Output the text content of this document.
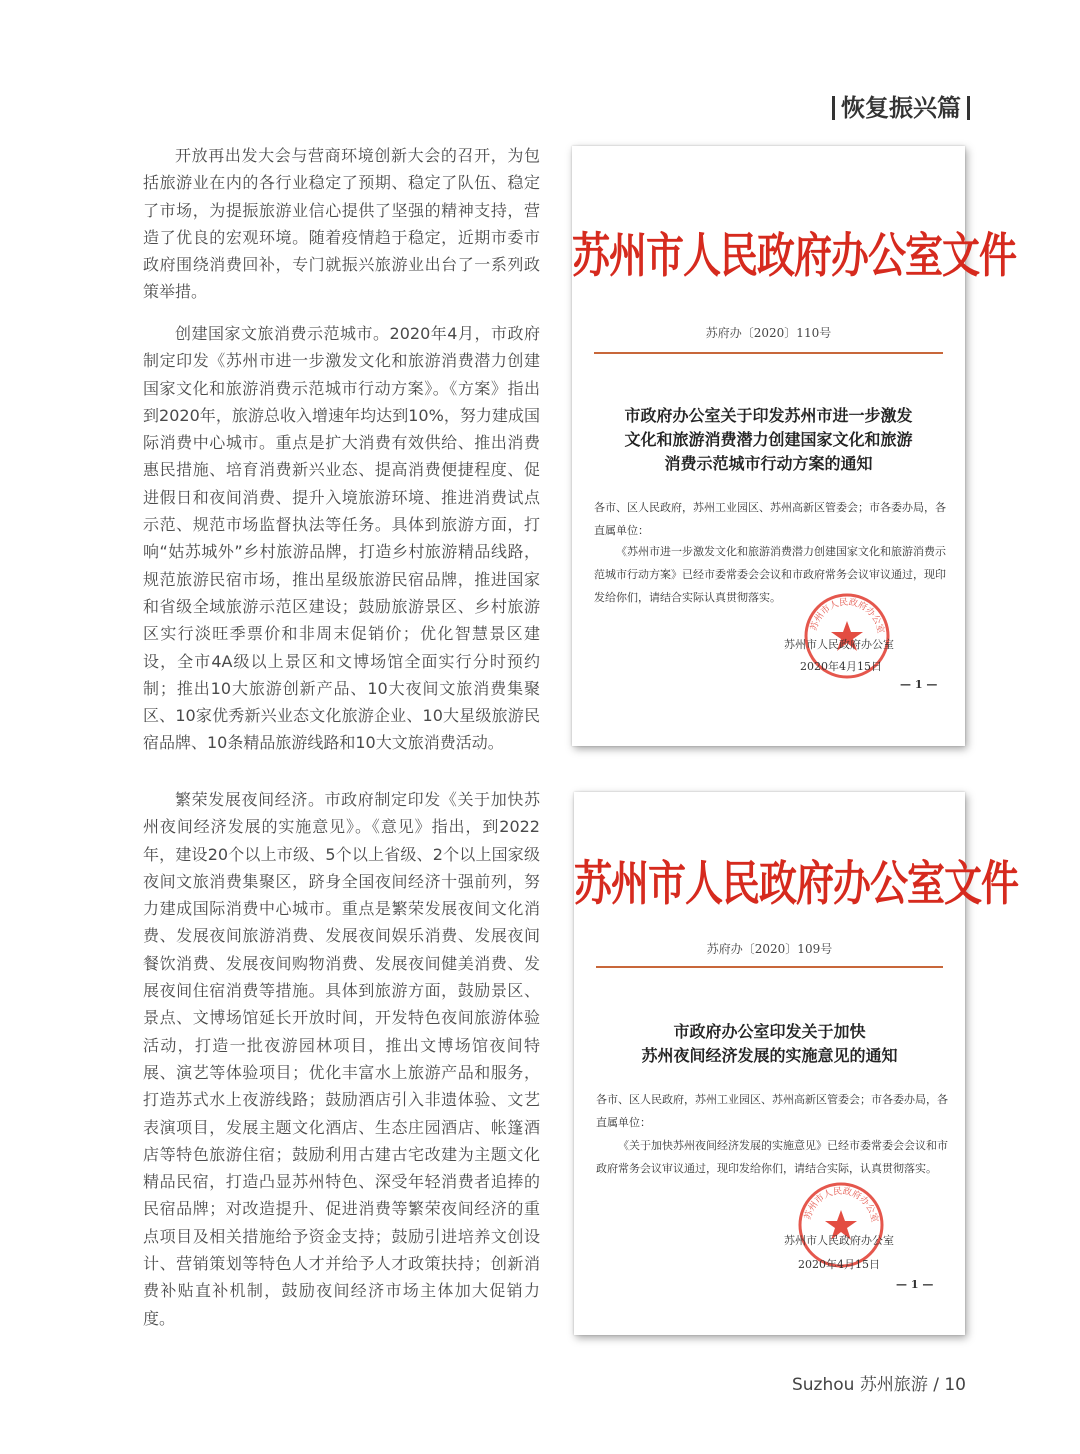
恢复振兴篇

开放再出发大会与营商环境创新大会的召开，为包括旅游业在内的各行业稳定了预期、稳定了队伍、稳定了市场，为提振旅游业信心提供了坚强的精神支持，营造了优良的宏观环境。随着疫情趋于稳定，近期市委市政府围绕消费回补，专门就振兴旅游业出台了一系列政策举措。

创建国家文旅消费示范城市。2020年4月，市政府制定印发《苏州市进一步激发文化和旅游消费潜力创建国家文化和旅游消费示范城市行动方案》。《方案》指出到2020年，旅游总收入增速年均达到10%，努力建成国际消费中心城市。重点是扩大消费有效供给、推出消费惠民措施、培育消费新兴业态、提高消费便捷程度、促进假日和夜间消费、提升入境旅游环境、推进消费试点示范、规范市场监督执法等任务。具体到旅游方面，打响“姑苏城外”乡村旅游品牌，打造乡村旅游精品线路，规范旅游民宿市场，推出星级旅游民宿品牌，推进国家和省级全域旅游示范区建设；鼓励旅游景区、乡村旅游区实行淡旺季票价和非周末促销价；优化智慧景区建设，全市4A级以上景区和文博场馆全面实行分时预约制；推出10大旅游创新产品、10大夜间文旅消费集聚区、10家优秀新兴业态文化旅游企业、10大星级旅游民宿品牌、10条精品旅游线路和10大文旅消费活动。

繁荣发展夜间经济。市政府制定印发《关于加快苏州夜间经济发展的实施意见》。《意见》指出，到2022年，建设20个以上市级、5个以上省级、2个以上国家级夜间文旅消费集聚区，跻身全国夜间经济十强前列，努力建成国际消费中心城市。重点是繁荣发展夜间文化消费、发展夜间旅游消费、发展夜间娱乐消费、发展夜间餐饮消费、发展夜间购物消费、发展夜间健美消费、发展夜间住宿消费等措施。具体到旅游方面，鼓励景区、景点、文博场馆延长开放时间，开发特色夜间旅游体验活动，打造一批夜游园林项目，推出文博场馆夜间特展、演艺等体验项目；优化丰富水上旅游产品和服务，打造苏式水上夜游线路；鼓励酒店引入非遗体验、文艺表演项目，发展主题文化酒店、生态庄园酒店、帐篷酒店等特色旅游住宿；鼓励利用古建古宅改建为主题文化精品民宿，打造凸显苏州特色、深受年轻消费者追捧的民宿品牌；对改造提升、促进消费等繁荣夜间经济的重点项目及相关措施给予资金支持；鼓励引进培养文创设计、营销策划等特色人才并给予人才政策扶持；创新消费补贴直补机制，鼓励夜间经济市场主体加大促销力度。

苏州市人民政府办公室文件
苏府办〔2020〕110号
市政府办公室关于印发苏州市进一步激发
文化和旅游消费潜力创建国家文化和旅游
消费示范城市行动方案的通知

各市、区人民政府，苏州工业园区、苏州高新区管委会；市各委办局，各直属单位：

《苏州市进一步激发文化和旅游消费潜力创建国家文化和旅游消费示范城市行动方案》已经市委常委会会议和市政府常务会议审议通过，现印发给你们，请结合实际认真贯彻落实。

苏州市人民政府办公室
苏州市人民政府办公室
2020年4月15日
— 1 —
苏州市人民政府办公室文件
苏府办〔2020〕109号
市政府办公室印发关于加快
苏州夜间经济发展的实施意见的通知

各市、区人民政府，苏州工业园区、苏州高新区管委会；市各委办局，各直属单位：

《关于加快苏州夜间经济发展的实施意见》已经市委常委会会议和市政府常务会议审议通过，现印发给你们，请结合实际，认真贯彻落实。

苏州市人民政府办公室
苏州市人民政府办公室
2020年4月15日
— 1 —
Suzhou 苏州旅游 / 10
